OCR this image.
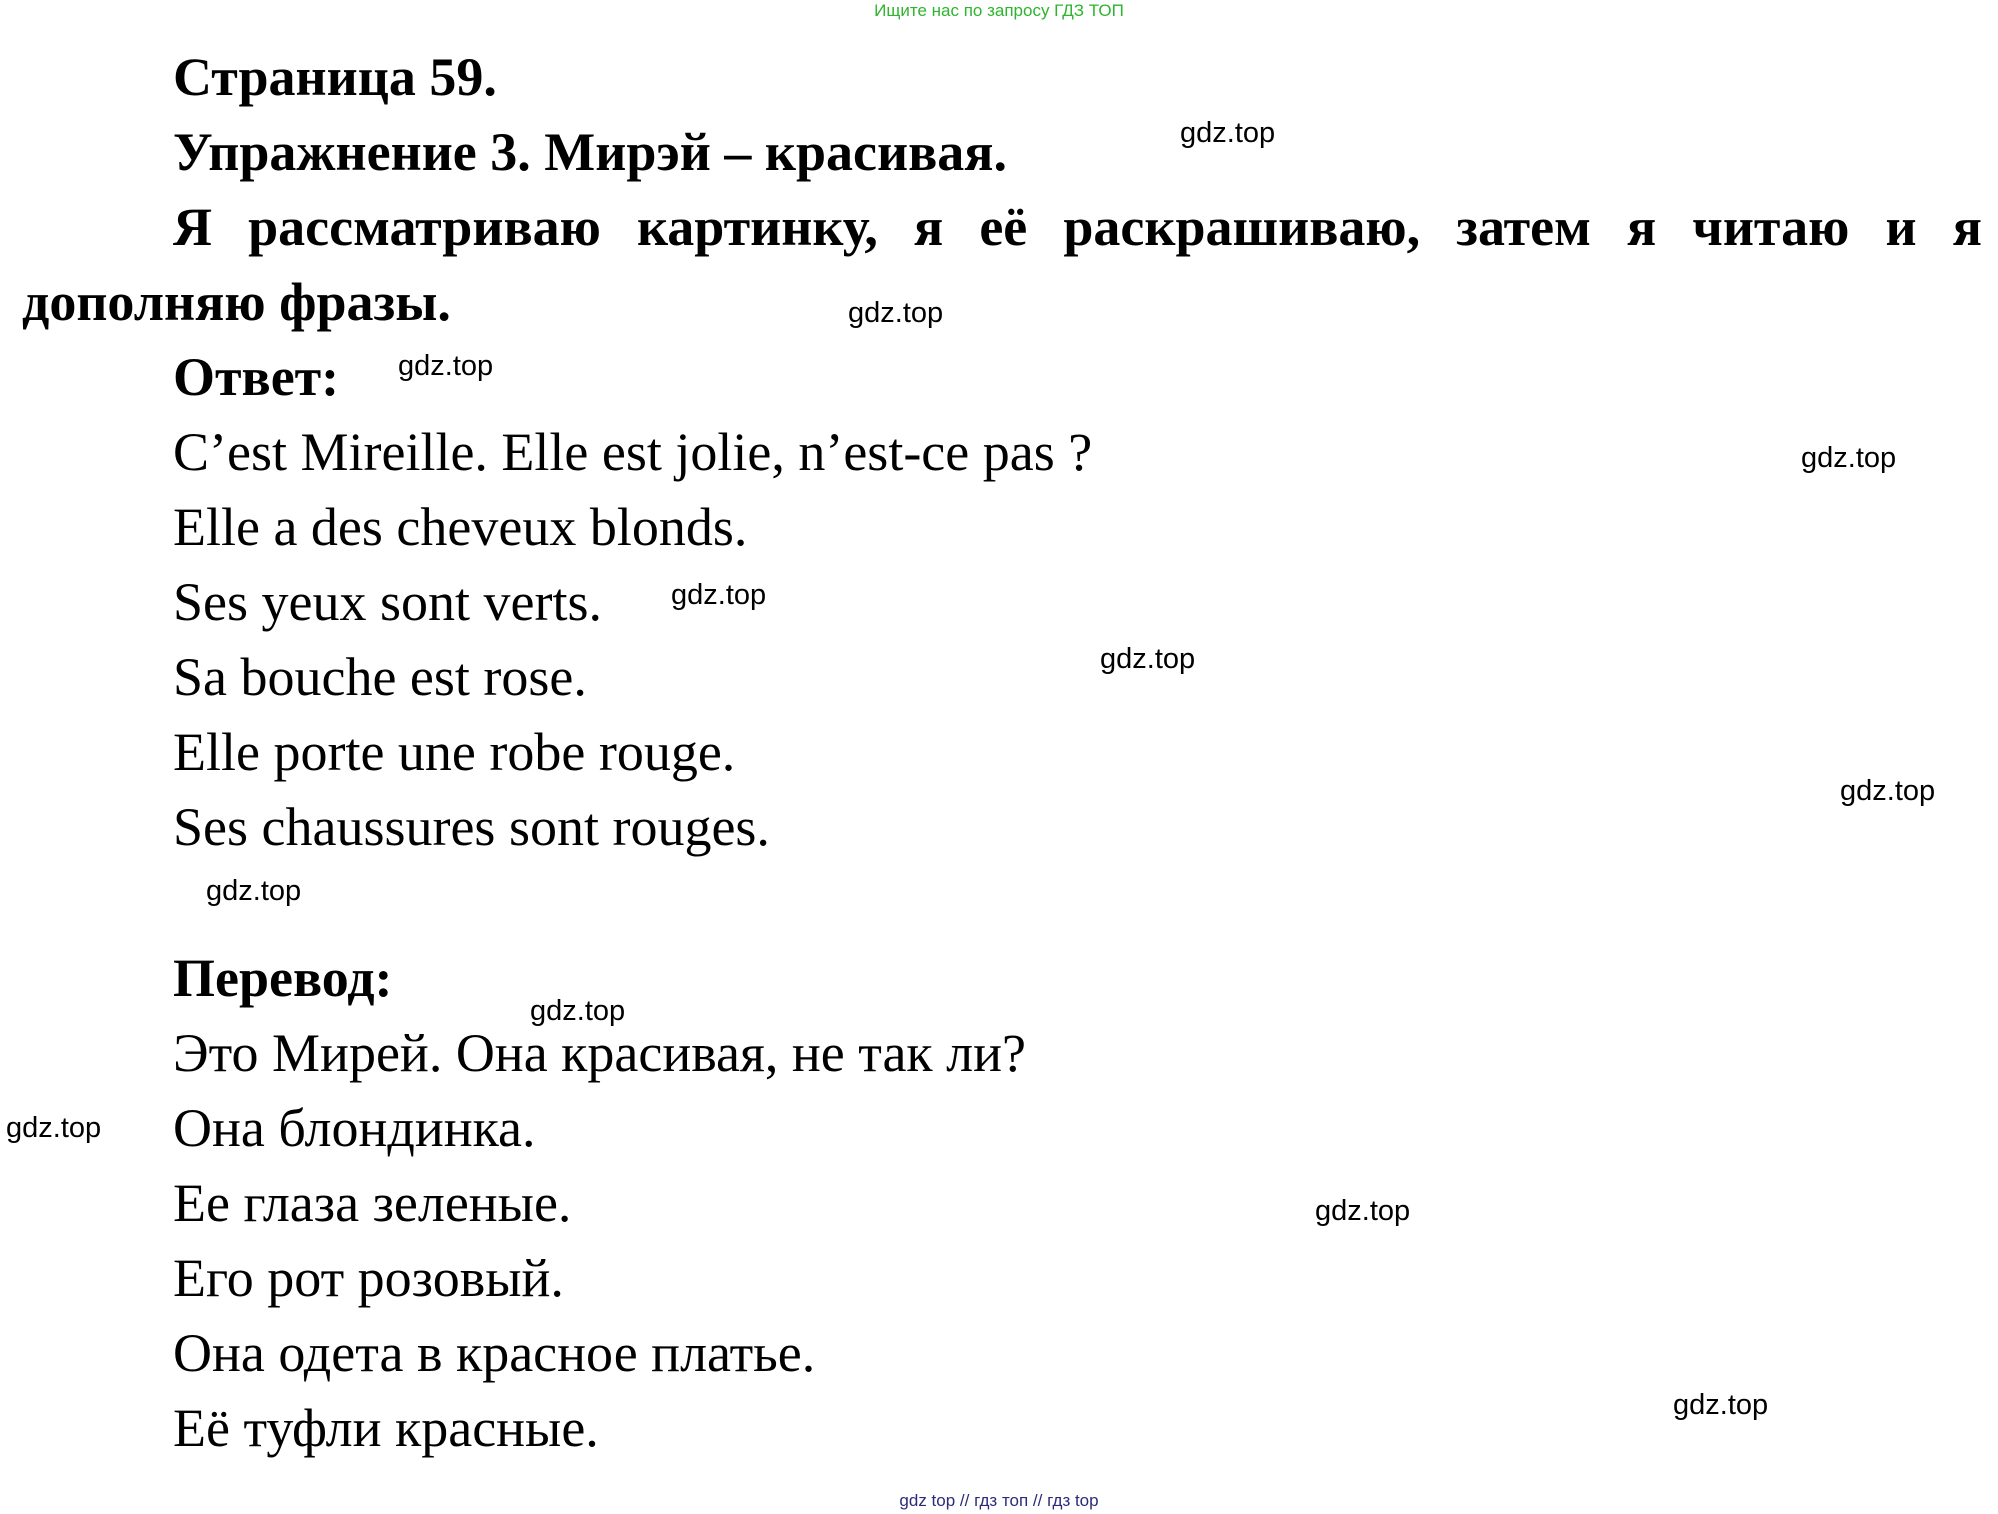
Ищите нас по запросу ГДЗ ТОП
Страница 59.
Упражнение 3. Мирэй – красивая.
Я рассматриваю картинку, я её раскрашиваю, затем я читаю и я
дополняю фразы.
Ответ:
C’est Mireille. Elle est jolie, n’est-ce pas ?
Elle a des cheveux blonds.
Ses yeux sont verts.
Sa bouche est rose.
Elle porte une robe rouge.
Ses chaussures sont rouges.
Перевод:
Это Мирей. Она красивая, не так ли?
Она блондинка.
Ее глаза зеленые.
Его рот розовый.
Она одета в красное платье.
Её туфли красные.
gdz.top
gdz.top
gdz.top
gdz.top
gdz.top
gdz.top
gdz.top
gdz.top
gdz.top
gdz.top
gdz.top
gdz.top
gdz top // гдз топ // гдз top
